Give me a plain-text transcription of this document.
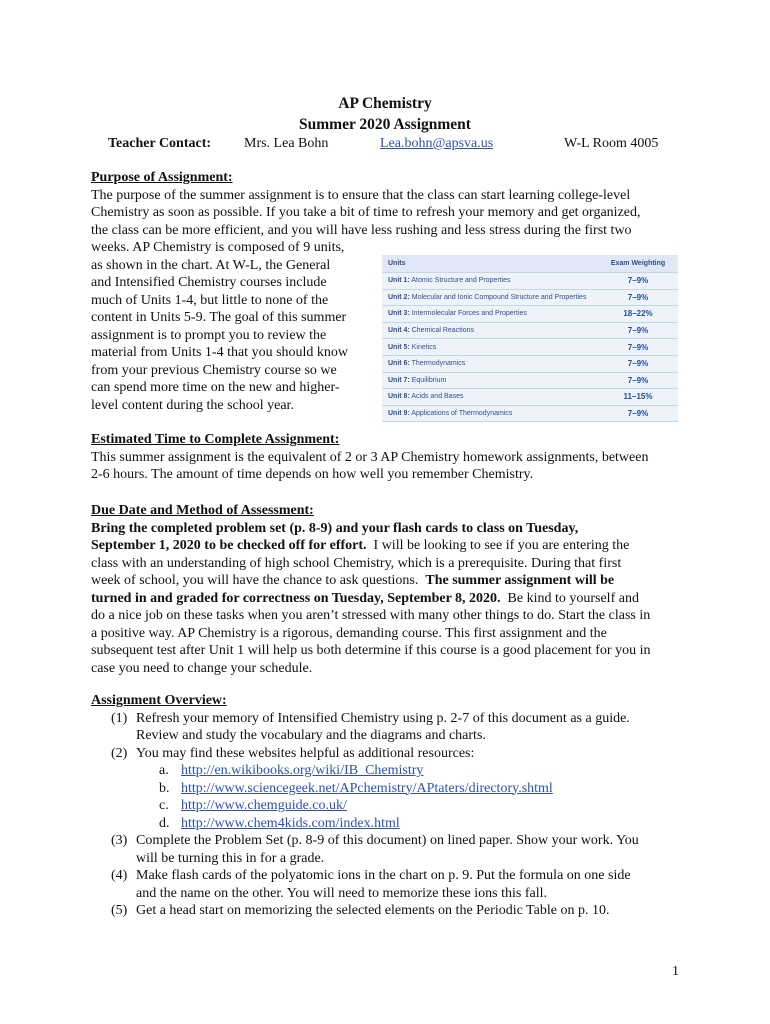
AP Chemistry
Summer 2020 Assignment
Teacher Contact: Mrs. Lea Bohn	Lea.bohn@apsva.us	W-L Room 4005
Purpose of Assignment:
The purpose of the summer assignment is to ensure that the class can start learning college-level
Chemistry as soon as possible. If you take a bit of time to refresh your memory and get organized,
the class can be more efficient, and you will have less rushing and less stress during the first two
weeks. AP Chemistry is composed of 9 units,
as shown in the chart. At W-L, the General
and Intensified Chemistry courses include
much of Units 1-4, but little to none of the
content in Units 5-9. The goal of this summer
assignment is to prompt you to review the
material from Units 1-4 that you should know
from your previous Chemistry course so we
can spend more time on the new and higher-
level content during the school year.
Units	Exam Weighting
Unit 1: Atomic Structure and Properties	7–9%
Unit 2: Molecular and Ionic Compound Structure and Properties	7–9%
Unit 3: Intermolecular Forces and Properties	18–22%
Unit 4: Chemical Reactions	7–9%
Unit 5: Kinetics	7–9%
Unit 6: Thermodynamics	7–9%
Unit 7: Equilibrium	7–9%
Unit 8: Acids and Bases	11–15%
Unit 9: Applications of Thermodynamics	7–9%
Estimated Time to Complete Assignment:
This summer assignment is the equivalent of 2 or 3 AP Chemistry homework assignments, between
2-6 hours. The amount of time depends on how well you remember Chemistry.
Due Date and Method of Assessment:
Bring the completed problem set (p. 8-9) and your flash cards to class on Tuesday,
September 1, 2020 to be checked off for effort.  I will be looking to see if you are entering the
class with an understanding of high school Chemistry, which is a prerequisite. During that first
week of school, you will have the chance to ask questions.  The summer assignment will be
turned in and graded for correctness on Tuesday, September 8, 2020.  Be kind to yourself and
do a nice job on these tasks when you aren’t stressed with many other things to do. Start the class in
a positive way. AP Chemistry is a rigorous, demanding course. This first assignment and the
subsequent test after Unit 1 will help us both determine if this course is a good placement for you in
case you need to change your schedule.
Assignment Overview:
(1) Refresh your memory of Intensified Chemistry using p. 2-7 of this document as a guide.
Review and study the vocabulary and the diagrams and charts.
(2) You may find these websites helpful as additional resources:
a. http://en.wikibooks.org/wiki/IB_Chemistry
b. http://www.sciencegeek.net/APchemistry/APtaters/directory.shtml
c. http://www.chemguide.co.uk/
d. http://www.chem4kids.com/index.html
(3) Complete the Problem Set (p. 8-9 of this document) on lined paper. Show your work. You
will be turning this in for a grade.
(4) Make flash cards of the polyatomic ions in the chart on p. 9. Put the formula on one side
and the name on the other. You will need to memorize these ions this fall.
(5) Get a head start on memorizing the selected elements on the Periodic Table on p. 10.
1
